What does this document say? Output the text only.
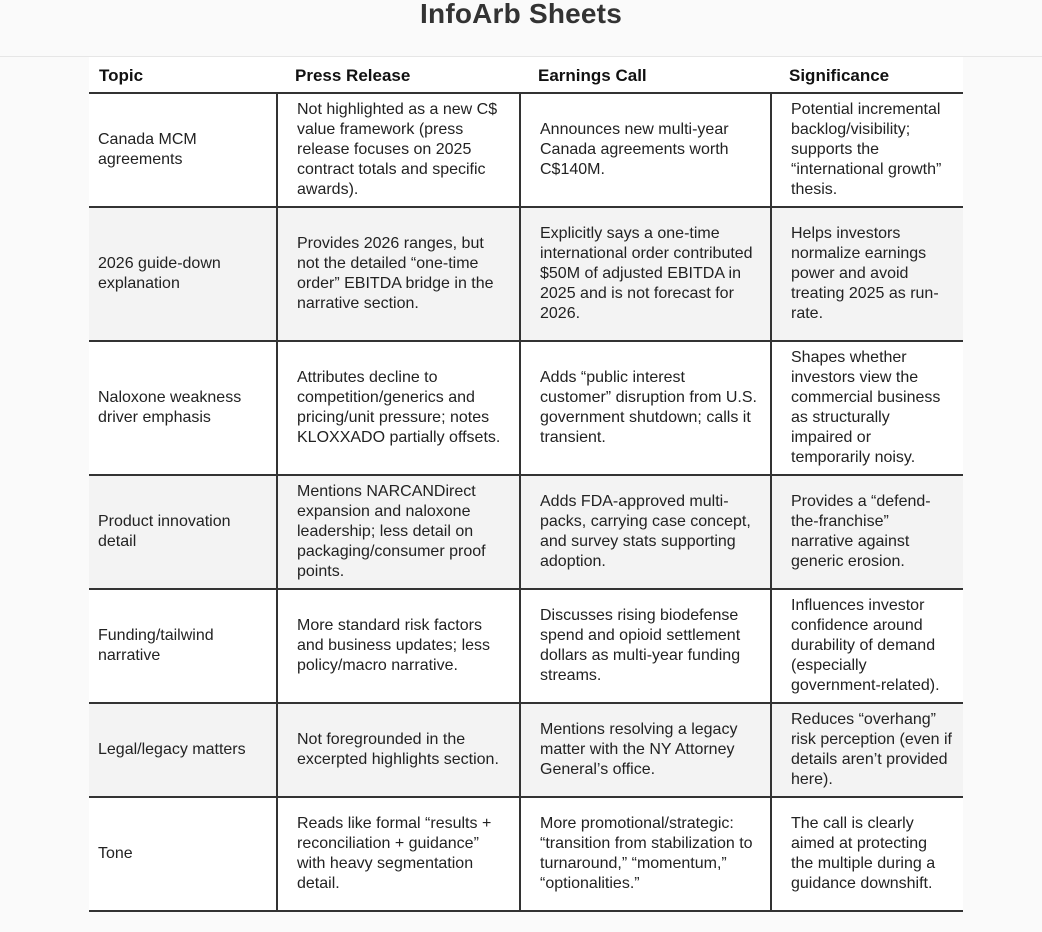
InfoArb Sheets
Topic	Press Release	Earnings Call	Significance
Canada MCM agreements	Not highlighted as a new C$ value framework (press release focuses on 2025 contract totals and specific awards).	Announces new multi-year Canada agreements worth C$140M.	Potential incremental backlog/visibility; supports the “international growth” thesis.
2026 guide-down explanation	Provides 2026 ranges, but not the detailed “one-time order” EBITDA bridge in the narrative section.	Explicitly says a one-time international order contributed $50M of adjusted EBITDA in 2025 and is not forecast for 2026.	Helps investors normalize earnings power and avoid treating 2025 as run-rate.
Naloxone weakness driver emphasis	Attributes decline to competition/generics and pricing/unit pressure; notes KLOXXADO partially offsets.	Adds “public interest customer” disruption from U.S. government shutdown; calls it transient.	Shapes whether investors view the commercial business as structurally impaired or temporarily noisy.
Product innovation detail	Mentions NARCANDirect expansion and naloxone leadership; less detail on packaging/consumer proof points.	Adds FDA-approved multi-packs, carrying case concept, and survey stats supporting adoption.	Provides a “defend-the-franchise” narrative against generic erosion.
Funding/tailwind narrative	More standard risk factors and business updates; less policy/macro narrative.	Discusses rising biodefense spend and opioid settlement dollars as multi-year funding streams.	Influences investor confidence around durability of demand (especially government-related).
Legal/legacy matters	Not foregrounded in the excerpted highlights section.	Mentions resolving a legacy matter with the NY Attorney General’s office.	Reduces “overhang” risk perception (even if details aren’t provided here).
Tone	Reads like formal “results + reconciliation + guidance” with heavy segmentation detail.	More promotional/strategic: “transition from stabilization to turnaround,” “momentum,” “optionalities.”	The call is clearly aimed at protecting the multiple during a guidance downshift.
